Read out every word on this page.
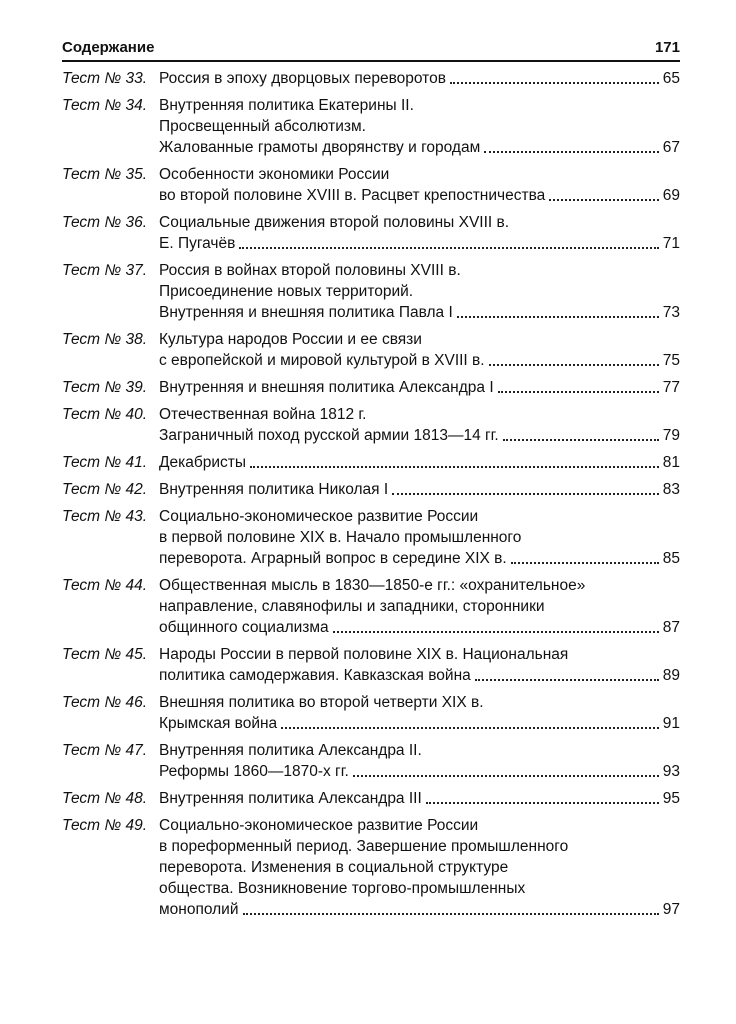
Содержание	171
Тест № 33. Россия в эпоху дворцовых переворотов	65
Тест № 34. Внутренняя политика Екатерины II.
Просвещенный абсолютизм.
Жалованные грамоты дворянству и городам	67
Тест № 35. Особенности экономики России
во второй половине XVIII в. Расцвет крепостничества	69
Тест № 36. Социальные движения второй половины XVIII в.
Е. Пугачёв	71
Тест № 37. Россия в войнах второй половины XVIII в.
Присоединение новых территорий.
Внутренняя и внешняя политика Павла I	73
Тест № 38. Культура народов России и ее связи
с европейской и мировой культурой в XVIII в.	75
Тест № 39. Внутренняя и внешняя политика Александра I	77
Тест № 40. Отечественная война 1812 г.
Заграничный поход русской армии 1813—14 гг.	79
Тест № 41. Декабристы	81
Тест № 42. Внутренняя политика Николая I	83
Тест № 43. Социально-экономическое развитие России
в первой половине XIX в. Начало промышленного
переворота. Аграрный вопрос в середине XIX в.	85
Тест № 44. Общественная мысль в 1830—1850-е гг.: «охранительное»
направление, славянофилы и западники, сторонники
общинного социализма	87
Тест № 45. Народы России в первой половине XIX в. Национальная
политика самодержавия. Кавказская война	89
Тест № 46. Внешняя политика во второй четверти XIX в.
Крымская война	91
Тест № 47. Внутренняя политика Александра II.
Реформы 1860—1870-х гг.	93
Тест № 48. Внутренняя политика Александра III	95
Тест № 49. Социально-экономическое развитие России
в пореформенный период. Завершение промышленного
переворота. Изменения в социальной структуре
общества. Возникновение торгово-промышленных
монополий	97
